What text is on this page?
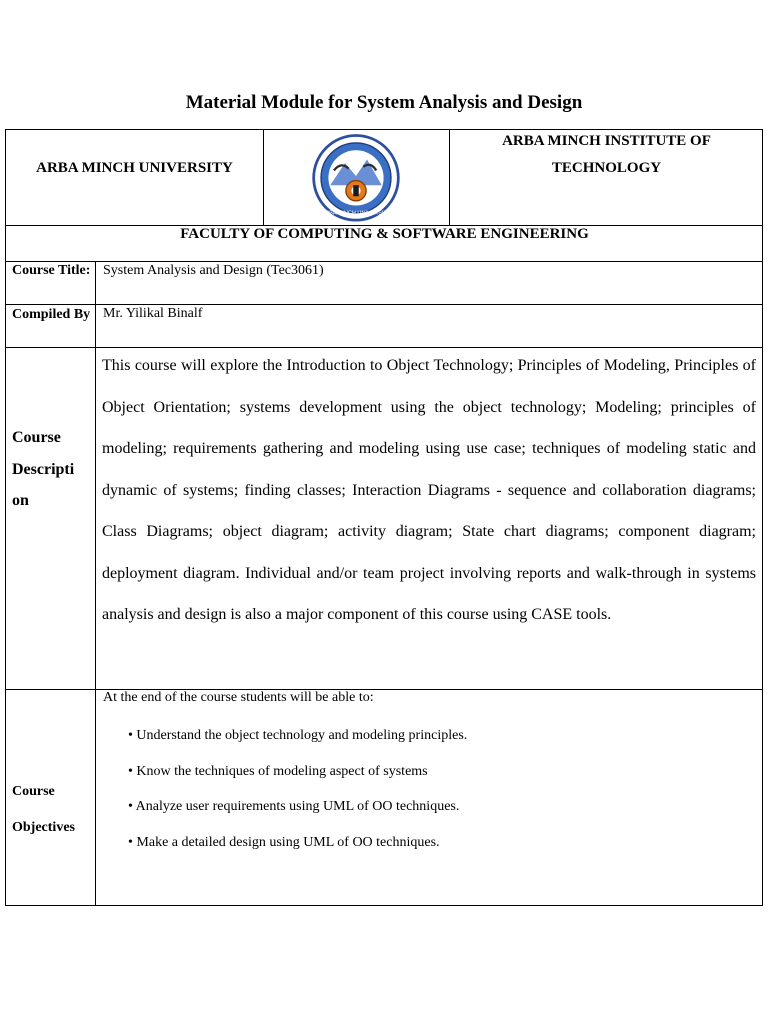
Material Module for System Analysis and Design
ARBA MINCH UNIVERSITY
ARBA MINCH UNIVERSITY
ARBA MINCH INSTITUTE OF TECHNOLOGY
FACULTY OF COMPUTING & SOFTWARE ENGINEERING
Course Title: System Analysis and Design (Tec3061)
Compiled By Mr. Yilikal Binalf
Course Descripti on

This course will explore the Introduction to Object Technology; Principles of Modeling, Principles of Object Orientation; systems development using the object technology; Modeling; principles of modeling; requirements gathering and modeling using use case; techniques of modeling static and dynamic of systems; finding classes; Interaction Diagrams - sequence and collaboration diagrams; Class Diagrams; object diagram; activity diagram; State chart diagrams; component diagram; deployment diagram. Individual and/or team project involving reports and walk-through in systems analysis and design is also a major component of this course using CASE tools.

Course Objectives
At the end of the course students will be able to:
• Understand the object technology and modeling principles.
• Know the techniques of modeling aspect of systems
• Analyze user requirements using UML of OO techniques.
• Make a detailed design using UML of OO techniques.
